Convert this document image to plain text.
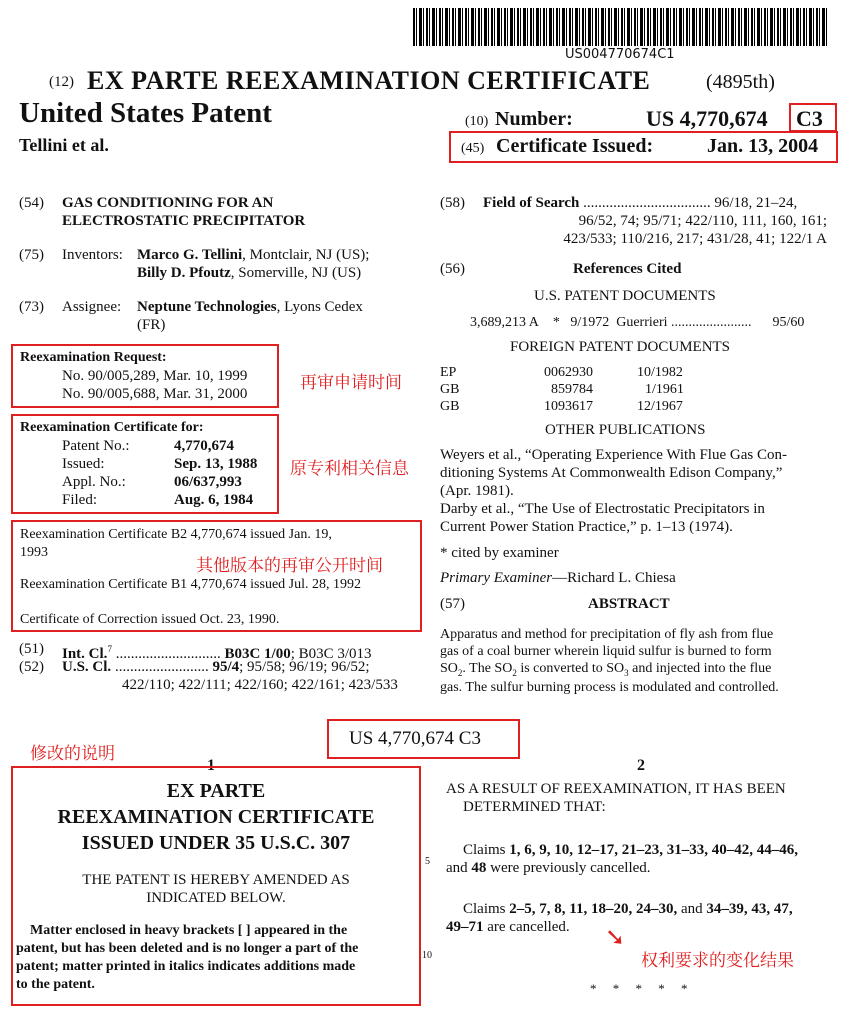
US004770674C1
(12) EX PARTE REEXAMINATION CERTIFICATE	(4895th)
United States Patent
Tellini et al.
(10) Number:	US 4,770,674 C3
(45) Certificate Issued:	Jan. 13, 2004
(54) GAS CONDITIONING FOR AN
ELECTROSTATIC PRECIPITATOR
(75) Inventors: Marco G. Tellini, Montclair, NJ (US);
Billy D. Pfoutz, Somerville, NJ (US)
(73) Assignee: Neptune Technologies, Lyons Cedex
(FR)
Reexamination Request:
No. 90/005,289, Mar. 10, 1999
No. 90/005,688, Mar. 31, 2000
Reexamination Certificate for:
Patent No.:	4,770,674
Issued:	Sep. 13, 1988
Appl. No.:	06/637,993
Filed:	Aug. 6, 1984
Reexamination Certificate B2 4,770,674 issued Jan. 19,
1993
Reexamination Certificate B1 4,770,674 issued Jul. 28, 1992
Certificate of Correction issued Oct. 23, 1990.
(51) Int. Cl.$^7$ ............................ B03C 1/00; B03C 3/013
(52) U.S. Cl. ......................... 95/4; 95/58; 96/19; 96/52;
422/110; 422/111; 422/160; 422/161; 423/533
(58) Field of Search .................................. 96/18, 21–24,
96/52, 74; 95/71; 422/110, 111, 160, 161;
423/533; 110/216, 217; 431/28, 41; 122/1 A
(56)	References Cited
U.S. PATENT DOCUMENTS
3,689,213 A * 9/1972 Guerrieri ....................... 95/60
FOREIGN PATENT DOCUMENTS
EP	0062930	10/1982
GB	859784	1/1961
GB	1093617	12/1967
OTHER PUBLICATIONS
Weyers et al., “Operating Experience With Flue Gas Con-
ditioning Systems At Commonwealth Edison Company,”
(Apr. 1981).
Darby et al., “The Use of Electrostatic Precipitators in
Current Power Station Practice,” p. 1–13 (1974).
* cited by examiner
Primary Examiner—Richard L. Chiesa
(57)	ABSTRACT
Apparatus and method for precipitation of fly ash from flue
gas of a coal burner wherein liquid sulfur is burned to form
$SO_2$. The $SO_2$ is converted to $SO_3$ and injected into the flue
gas. The sulfur burning process is modulated and controlled.
US 4,770,674 C3
1	2
EX PARTE
REEXAMINATION CERTIFICATE
ISSUED UNDER 35 U.S.C. 307
THE PATENT IS HEREBY AMENDED AS
INDICATED BELOW.
Matter enclosed in heavy brackets [ ] appeared in the
patent, but has been deleted and is no longer a part of the
patent; matter printed in italics indicates additions made
to the patent.
AS A RESULT OF REEXAMINATION, IT HAS BEEN
DETERMINED THAT:
5
10
Claims 1, 6, 9, 10, 12–17, 21–23, 31–33, 40–42, 44–46,
and 48 were previously cancelled.
Claims 2–5, 7, 8, 11, 18–20, 24–30, and 34–39, 43, 47,
49–71 are cancelled.
*     *     *     *     *
再审申请时间
原专利相关信息
其他版本的再审公开时间
修改的说明
➘
权利要求的变化结果
